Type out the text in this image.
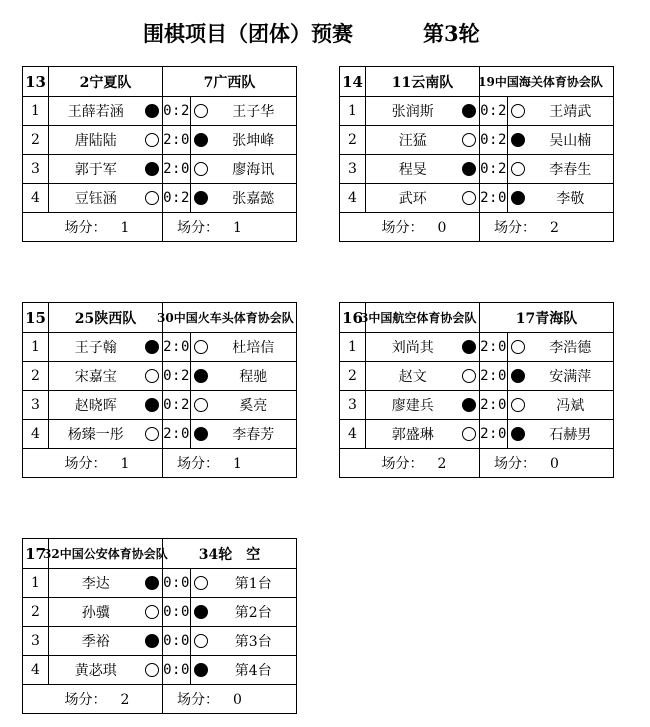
围棋项目（团体）预赛	第3轮
13	2宁夏队		7广西队		
1	王薛若涵		0:2		王子华
2	唐陆陆		2:0		张坤峰
3	郭于军		2:0		廖海讯
4	豆钰涵		0:2		张嘉懿
	场分： 1		场分： 1		
14	11云南队		19中国海关体育协会队		
1	张润斯		0:2		王靖武
2	汪猛		0:2		吴山楠
3	程旻		0:2		李春生
4	武环		2:0		李敬
	场分： 0		场分： 2		
15	25陕西队		30中国火车头体育协会队		
1	王子翰		2:0		杜培信
2	宋嘉宝		0:2		程驰
3	赵晓晖		0:2		奚亮
4	杨臻一彤		2:0		李春芳
	场分： 1		场分： 1		
16	3中国航空体育协会队		17青海队		
1	刘尚其		2:0		李浩德
2	赵文		2:0		安满萍
3	廖建兵		2:0		冯斌
4	郭盛琳		2:0		石赫男
	场分： 2		场分： 0		
17	32中国公安体育协会队		34轮　空		
1	李达		0:0		第1台
2	孙骥		0:0		第2台
3	季裕		0:0		第3台
4	黄苾琪		0:0		第4台
	场分： 2		场分： 0		
